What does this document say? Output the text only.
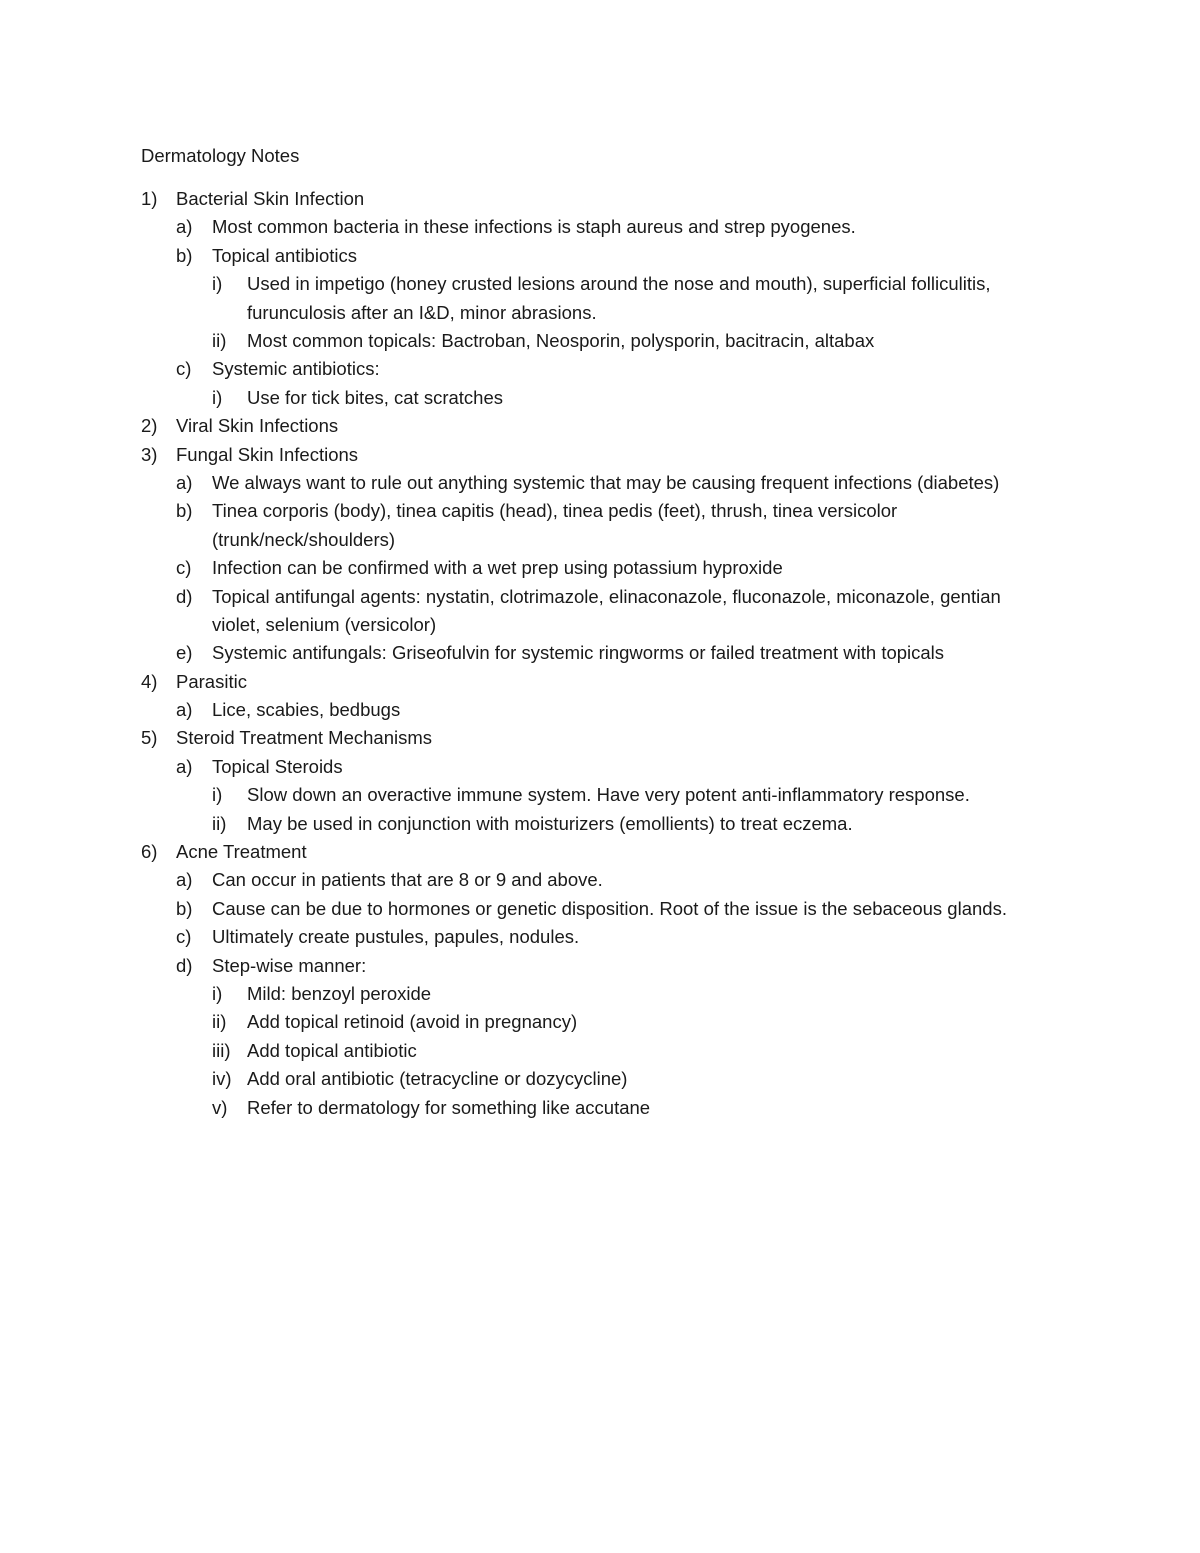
Dermatology Notes
1) Bacterial Skin Infection
a) Most common bacteria in these infections is staph aureus and strep pyogenes.
b) Topical antibiotics
i) Used in impetigo (honey crusted lesions around the nose and mouth), superficial folliculitis,
furunculosis after an I&D, minor abrasions.
ii) Most common topicals: Bactroban, Neosporin, polysporin, bacitracin, altabax
c) Systemic antibiotics:
i) Use for tick bites, cat scratches
2) Viral Skin Infections
3) Fungal Skin Infections
a) We always want to rule out anything systemic that may be causing frequent infections (diabetes)
b) Tinea corporis (body), tinea capitis (head), tinea pedis (feet), thrush, tinea versicolor
(trunk/neck/shoulders)
c) Infection can be confirmed with a wet prep using potassium hyproxide
d) Topical antifungal agents: nystatin, clotrimazole, elinaconazole, fluconazole, miconazole, gentian
violet, selenium (versicolor)
e) Systemic antifungals: Griseofulvin for systemic ringworms or failed treatment with topicals
4) Parasitic
a) Lice, scabies, bedbugs
5) Steroid Treatment Mechanisms
a) Topical Steroids
i) Slow down an overactive immune system. Have very potent anti-inflammatory response.
ii) May be used in conjunction with moisturizers (emollients) to treat eczema.
6) Acne Treatment
a) Can occur in patients that are 8 or 9 and above.
b) Cause can be due to hormones or genetic disposition. Root of the issue is the sebaceous glands.
c) Ultimately create pustules, papules, nodules.
d) Step-wise manner:
i) Mild: benzoyl peroxide
ii) Add topical retinoid (avoid in pregnancy)
iii) Add topical antibiotic
iv) Add oral antibiotic (tetracycline or dozycycline)
v) Refer to dermatology for something like accutane
